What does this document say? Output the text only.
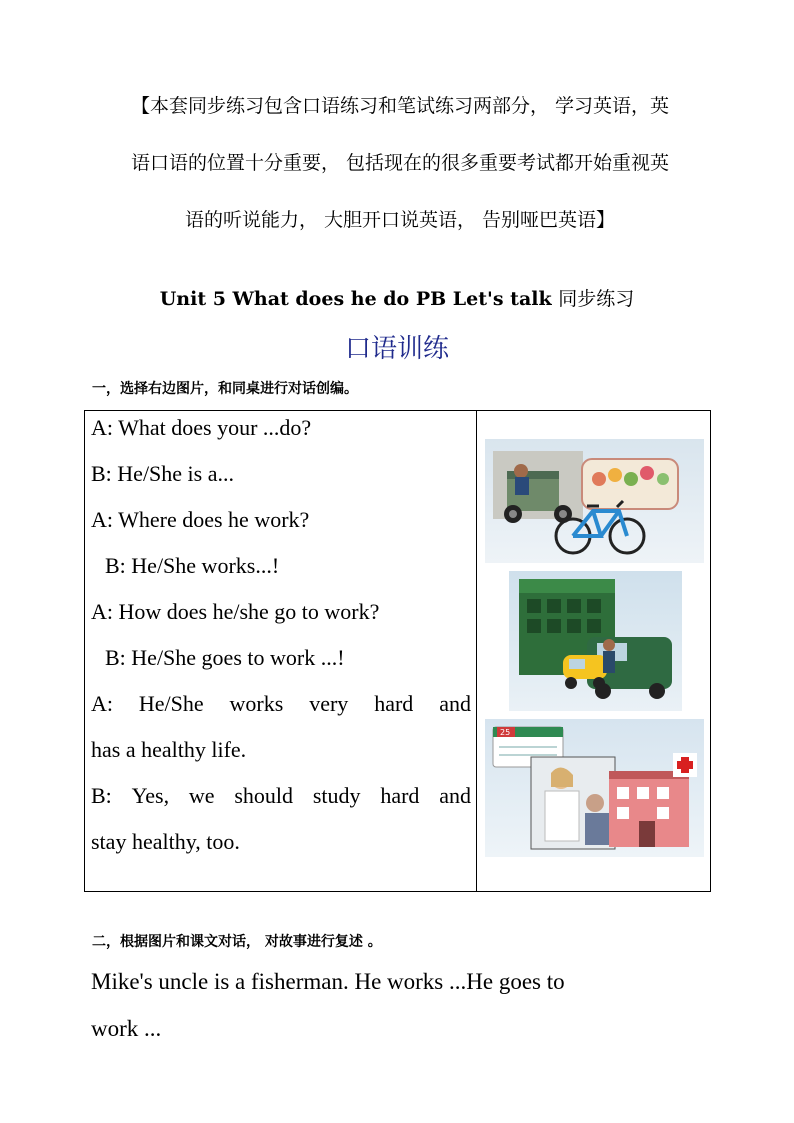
【本套同步练习包含口语练习和笔试练习两部分， 学习英语，英
语口语的位置十分重要， 包括现在的很多重要考试都开始重视英
语的听说能力， 大胆开口说英语， 告别哑巴英语】
Unit 5 What does he do PB Let's talk 同步练习
口语训练
一，选择右边图片，和同桌进行对话创编。
A: What does your ...do?
B: He/She is a...
A: Where does he work?
B: He/She works...!
A: How does he/she go to work?
B: He/She goes to work ...!
A: He/She works very hard and
has a healthy life.
B: Yes, we should study hard and
stay healthy, too.
25
二，根据图片和课文对话， 对故事进行复述 。
Mike's uncle is a fisherman. He works ...He goes to
work ...
